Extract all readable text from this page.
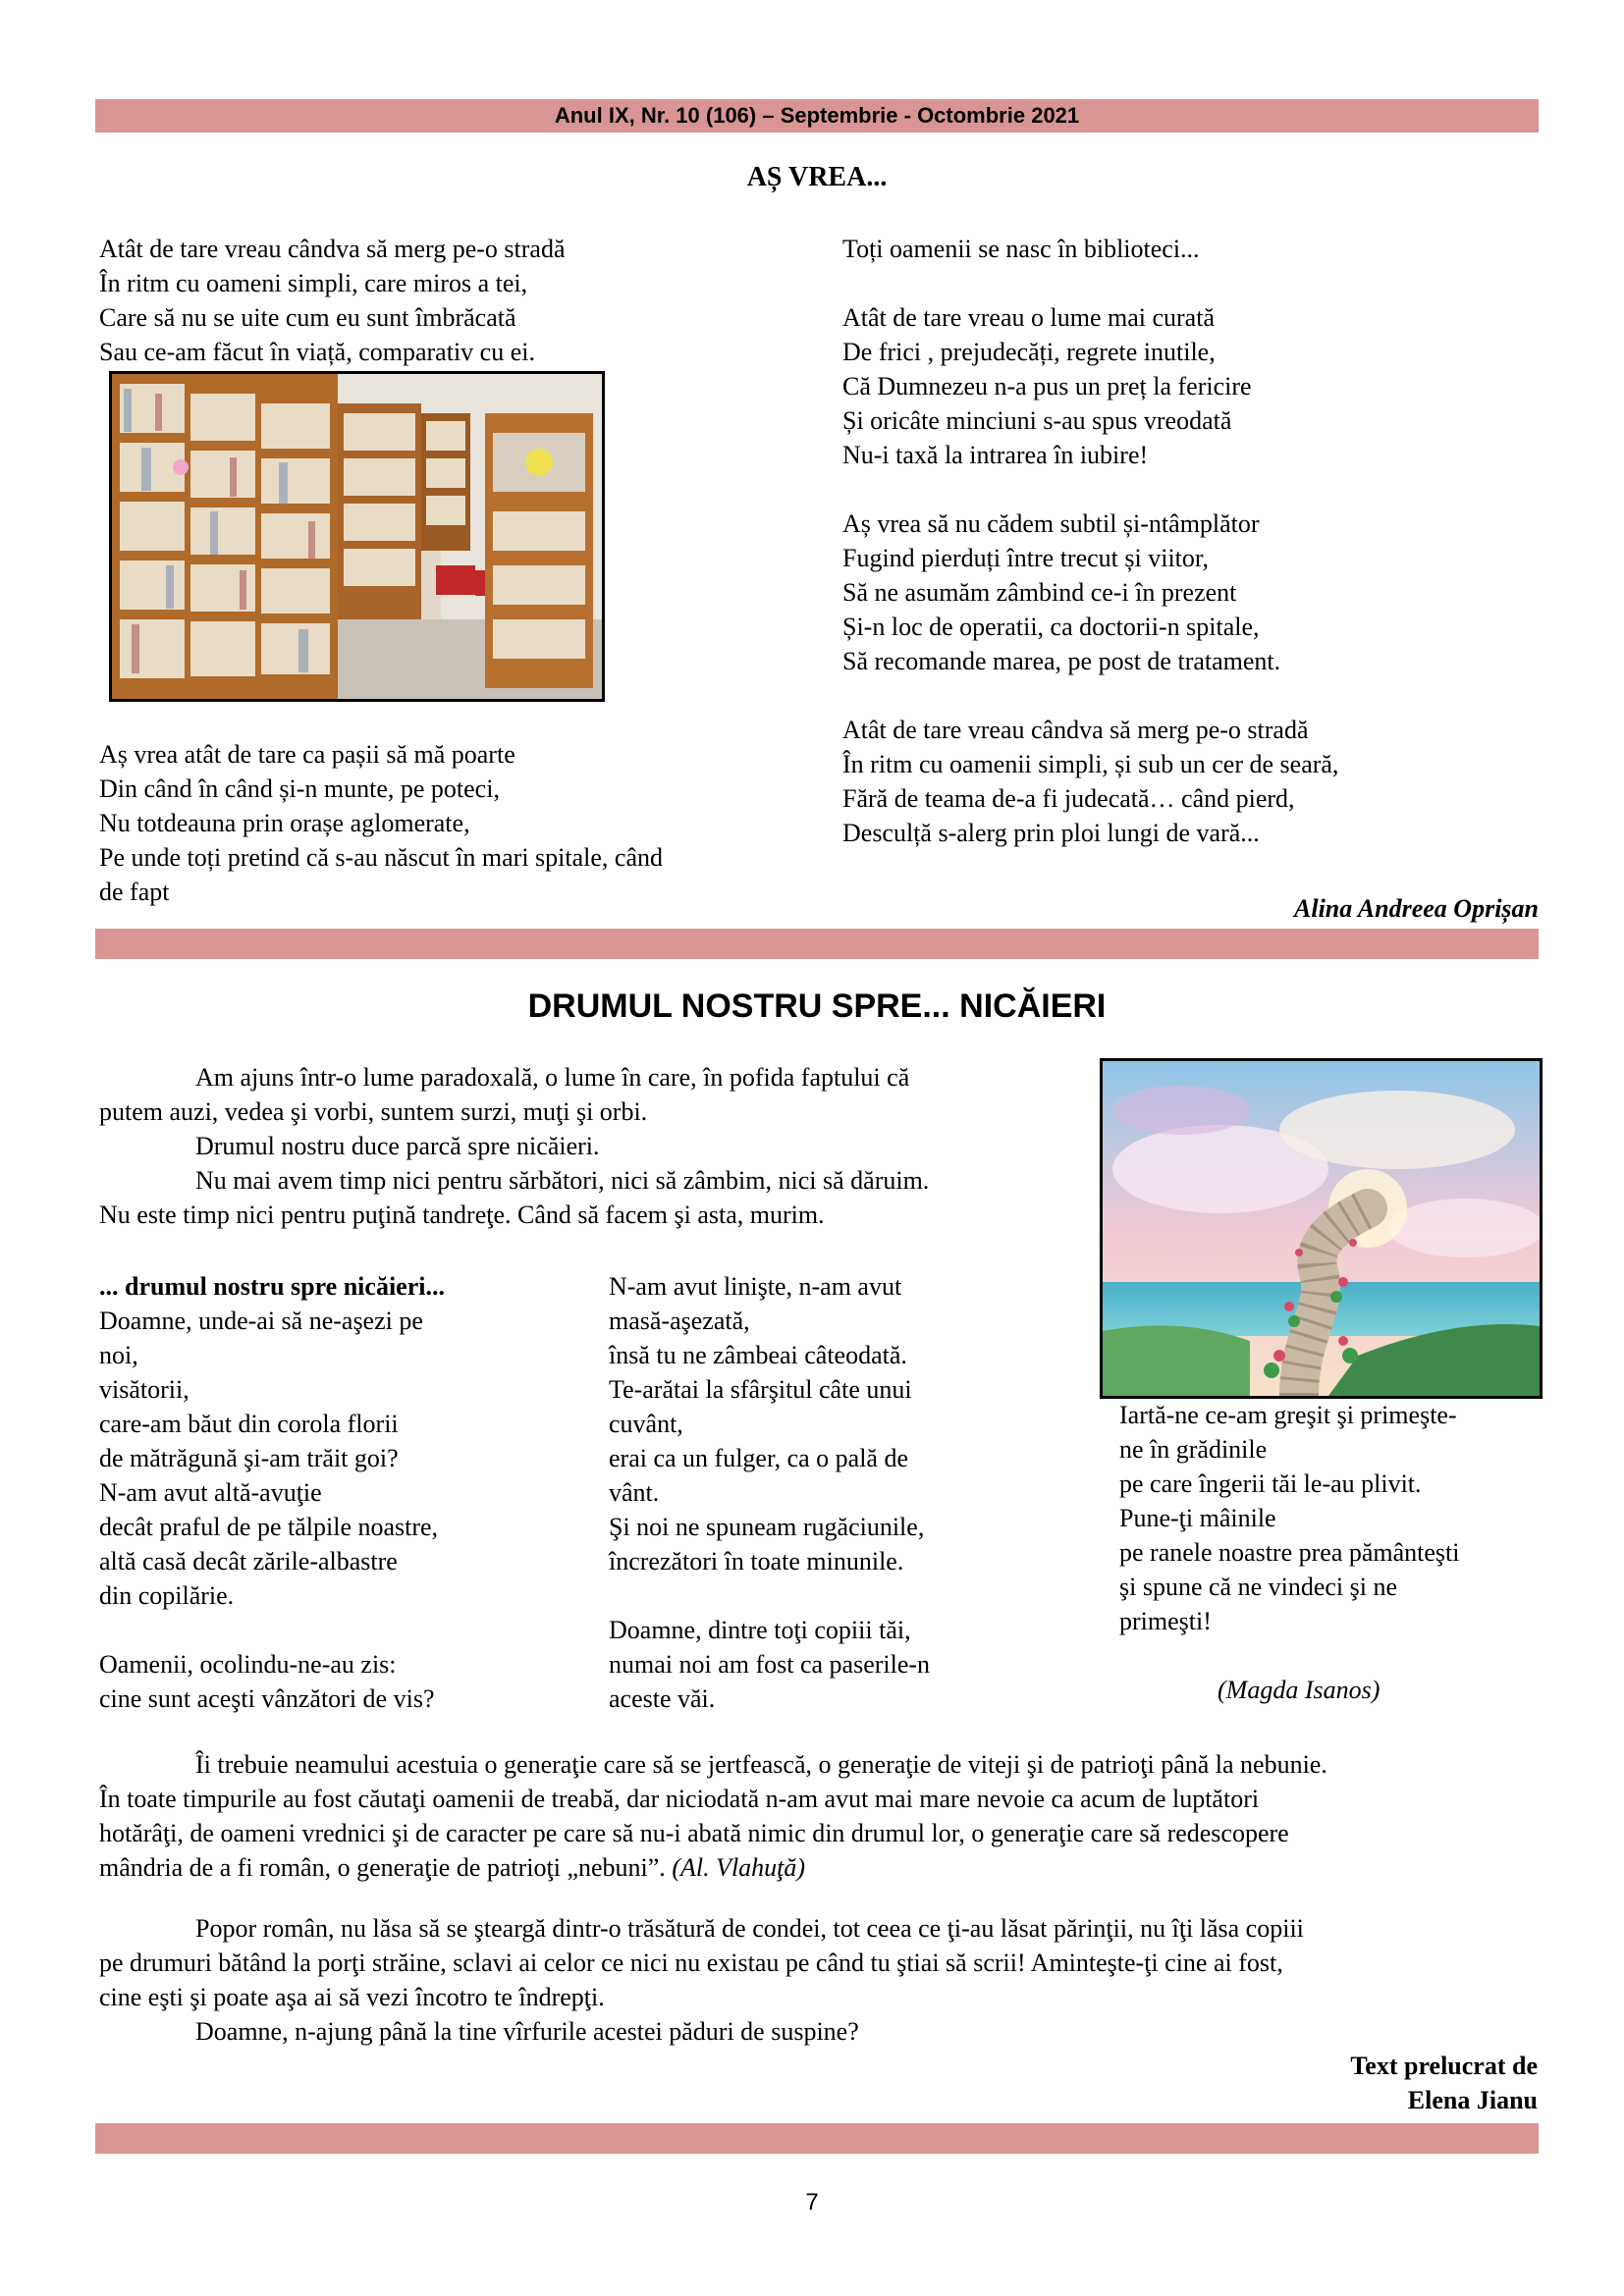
Anul IX, Nr. 10 (106) – Septembrie - Octombrie 2021
AȘ VREA...
Atât de tare vreau cândva să merg pe-o stradă
În ritm cu oameni simpli, care miros a tei,
Care să nu se uite cum eu sunt îmbrăcată
Sau ce-am făcut în viață, comparativ cu ei.
Aș vrea atât de tare ca pașii să mă poarte
Din când în când și-n munte, pe poteci,
Nu totdeauna prin orașe aglomerate,
Pe unde toți pretind că s-au născut în mari spitale, când
de fapt
Toți oamenii se nasc în biblioteci...
Atât de tare vreau o lume mai curată
De frici , prejudecăți, regrete inutile,
Că Dumnezeu n-a pus un preț la fericire
Și oricâte minciuni s-au spus vreodată
Nu-i taxă la intrarea în iubire!
Aș vrea să nu cădem subtil și-ntâmplător
Fugind pierduți între trecut și viitor,
Să ne asumăm zâmbind ce-i în prezent
Și-n loc de operatii, ca doctorii-n spitale,
Să recomande marea, pe post de tratament.
Atât de tare vreau cândva să merg pe-o stradă
În ritm cu oamenii simpli, și sub un cer de seară,
Fără de teama de-a fi judecată… când pierd,
Desculță s-alerg prin ploi lungi de vară...
Alina Andreea Oprișan
DRUMUL NOSTRU SPRE... NICĂIERI
Am ajuns într-o lume paradoxală, o lume în care, în pofida faptului că
putem auzi, vedea şi vorbi, suntem surzi, muţi şi orbi.
Drumul nostru duce parcă spre nicăieri.
Nu mai avem timp nici pentru sărbători, nici să zâmbim, nici să dăruim.
Nu este timp nici pentru puţină tandreţe. Când să facem şi asta, murim.
... drumul nostru spre nicăieri...
Doamne, unde-ai să ne-aşezi pe
noi,
visătorii,
care-am băut din corola florii
de mătrăgună şi-am trăit goi?
N-am avut altă-avuţie
decât praful de pe tălpile noastre,
altă casă decât zările-albastre
din copilărie.
Oamenii, ocolindu-ne-au zis:
cine sunt aceşti vânzători de vis?
N-am avut linişte, n-am avut
masă-aşezată,
însă tu ne zâmbeai câteodată.
Te-arătai la sfârşitul câte unui
cuvânt,
erai ca un fulger, ca o pală de
vânt.
Şi noi ne spuneam rugăciunile,
încrezători în toate minunile.
Doamne, dintre toţi copiii tăi,
numai noi am fost ca paserile-n
aceste văi.
Iartă-ne ce-am greşit şi primeşte-
ne în grădinile
pe care îngerii tăi le-au plivit.
Pune-ţi mâinile
pe ranele noastre prea pământeşti
şi spune că ne vindeci şi ne
primeşti!
(Magda Isanos)
Îi trebuie neamului acestuia o generaţie care să se jertfească, o generaţie de viteji şi de patrioţi până la nebunie.
În toate timpurile au fost căutaţi oamenii de treabă, dar niciodată n-am avut mai mare nevoie ca acum de luptători
hotărâţi, de oameni vrednici şi de caracter pe care să nu-i abată nimic din drumul lor, o generaţie care să redescopere
mândria de a fi român, o generaţie de patrioţi „nebuni”. (Al. Vlahuţă)
Popor român, nu lăsa să se şteargă dintr-o trăsătură de condei, tot ceea ce ţi-au lăsat părinţii, nu îţi lăsa copiii
pe drumuri bătând la porţi străine, sclavi ai celor ce nici nu existau pe când tu ştiai să scrii! Aminteşte-ţi cine ai fost,
cine eşti şi poate aşa ai să vezi încotro te îndrepţi.
Doamne, n-ajung până la tine vîrfurile acestei păduri de suspine?
Text prelucrat de
Elena Jianu
7
